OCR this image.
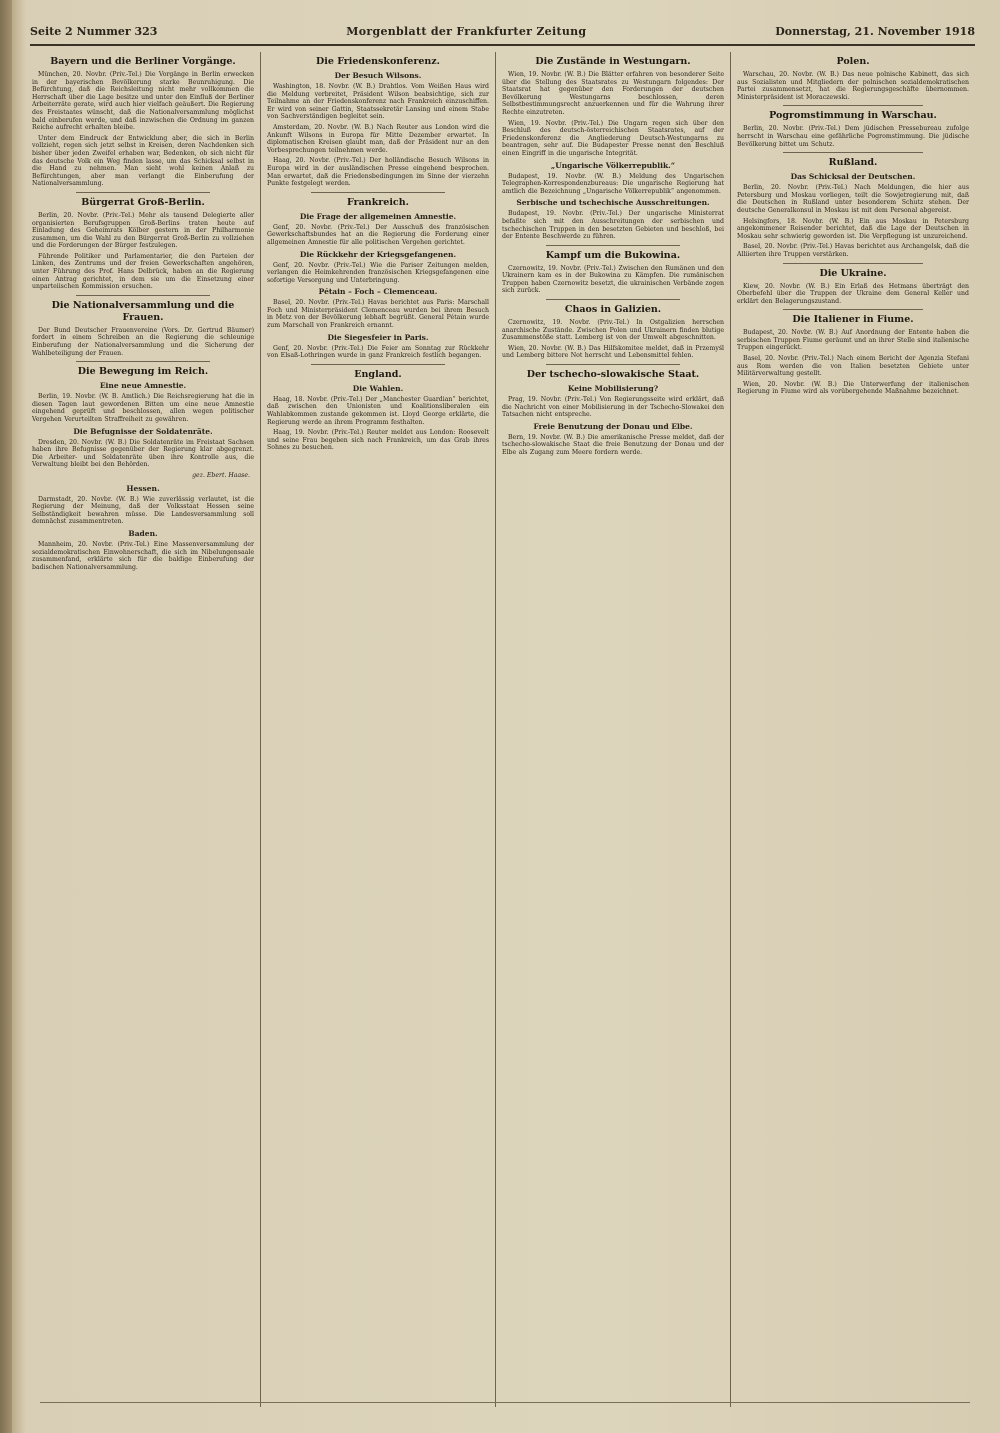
Seite 2 Nummer 323	Morgenblatt der Frankfurter Zeitung	Donnerstag, 21. November 1918
Bayern und die Berliner Vorgänge.
München, 20. Novbr. (Priv.-Tel.) Die Vorgänge in Berlin erwecken in der bayerischen Bevölkerung starke Beunruhigung. Die Befürchtung, daß die Reichsleitung nicht mehr vollkommen die Herrschaft über die Lage besitze und unter den Einfluß der Berliner Arbeiterräte gerate, wird auch hier vielfach geäußert. Die Regierung des Freistaates wünscht, daß die Nationalversammlung möglichst bald einberufen werde, und daß inzwischen die Ordnung im ganzen Reiche aufrecht erhalten bleibe.
Unter dem Eindruck der Entwicklung aber, die sich in Berlin vollzieht, regen sich jetzt selbst in Kreisen, deren Nachdenken sich bisher über jeden Zweifel erhaben war, Bedenken, ob sich nicht für das deutsche Volk ein Weg finden lasse, um das Schicksal selbst in die Hand zu nehmen. Man sieht wohl keinen Anlaß zu Befürchtungen, aber man verlangt die Einberufung der Nationalversammlung.
Bürgerrat Groß-Berlin.
Berlin, 20. Novbr. (Priv.-Tel.) Mehr als tausend Delegierte aller organisierten Berufsgruppen Groß-Berlins traten heute auf Einladung des Geheimrats Kölber gestern in der Philharmonie zusammen, um die Wahl zu den Bürgerrat Groß-Berlin zu vollziehen und die Forderungen der Bürger festzulegen.
Führende Politiker und Parlamentarier, die den Parteien der Linken, des Zentrums und der freien Gewerkschaften angehören, unter Führung des Prof. Hans Delbrück, haben an die Regierung einen Antrag gerichtet, in dem sie um die Einsetzung einer unparteiischen Kommission ersuchen.
Die Nationalversammlung und die Frauen.
Der Bund Deutscher Frauenvereine (Vors. Dr. Gertrud Bäumer) fordert in einem Schreiben an die Regierung die schleunige Einberufung der Nationalversammlung und die Sicherung der Wahlbeteiligung der Frauen.
Die Bewegung im Reich.
Eine neue Amnestie.
Berlin, 19. Novbr. (W. B. Amtlich.) Die Reichsregierung hat die in diesen Tagen laut gewordenen Bitten um eine neue Amnestie eingehend geprüft und beschlossen, allen wegen politischer Vergehen Verurteilten Straffreiheit zu gewähren.
Die Befugnisse der Soldatenräte.
Dresden, 20. Novbr. (W. B.) Die Soldatenräte im Freistaat Sachsen haben ihre Befugnisse gegenüber der Regierung klar abgegrenzt. Die Arbeiter- und Soldatenräte üben ihre Kontrolle aus, die Verwaltung bleibt bei den Behörden.
gez. Ebert. Haase.
Hessen.
Darmstadt, 20. Novbr. (W. B.) Wie zuverlässig verlautet, ist die Regierung der Meinung, daß der Volksstaat Hessen seine Selbständigkeit bewahren müsse. Die Landesversammlung soll demnächst zusammentreten.
Baden.
Mannheim, 20. Novbr. (Priv.-Tel.) Eine Massenversammlung der sozialdemokratischen Einwohnerschaft, die sich im Nibelungensaale zusammenfand, erklärte sich für die baldige Einberufung der badischen Nationalversammlung.
Die Friedenskonferenz.
Der Besuch Wilsons.
Washington, 18. Novbr. (W. B.) Drahtlos. Vom Weißen Haus wird die Meldung verbreitet, Präsident Wilson beabsichtige, sich zur Teilnahme an der Friedenskonferenz nach Frankreich einzuschiffen. Er wird von seiner Gattin, Staatssekretär Lansing und einem Stabe von Sachverständigen begleitet sein.
Amsterdam, 20. Novbr. (W. B.) Nach Reuter aus London wird die Ankunft Wilsons in Europa für Mitte Dezember erwartet. In diplomatischen Kreisen glaubt man, daß der Präsident nur an den Vorbesprechungen teilnehmen werde.
Haag, 20. Novbr. (Priv.-Tel.) Der holländische Besuch Wilsons in Europa wird in der ausländischen Presse eingehend besprochen. Man erwartet, daß die Friedensbedingungen im Sinne der vierzehn Punkte festgelegt werden.
Frankreich.
Die Frage der allgemeinen Amnestie.
Genf, 20. Novbr. (Priv.-Tel.) Der Ausschuß des französischen Gewerkschaftsbundes hat an die Regierung die Forderung einer allgemeinen Amnestie für alle politischen Vergehen gerichtet.
Die Rückkehr der Kriegsgefangenen.
Genf, 20. Novbr. (Priv.-Tel.) Wie die Pariser Zeitungen melden, verlangen die Heimkehrenden französischen Kriegsgefangenen eine sofortige Versorgung und Unterbringung.
Pétain – Foch – Clemenceau.
Basel, 20. Novbr. (Priv.-Tel.) Havas berichtet aus Paris: Marschall Foch und Ministerpräsident Clemenceau wurden bei ihrem Besuch in Metz von der Bevölkerung lebhaft begrüßt. General Pétain wurde zum Marschall von Frankreich ernannt.
Die Siegesfeier in Paris.
Genf, 20. Novbr. (Priv.-Tel.) Die Feier am Sonntag zur Rückkehr von Elsaß-Lothringen wurde in ganz Frankreich festlich begangen.
England.
Die Wahlen.
Haag, 18. Novbr. (Priv.-Tel.) Der „Manchester Guardian“ berichtet, daß zwischen den Unionisten und Koalitionsliberalen ein Wahlabkommen zustande gekommen ist. Lloyd George erklärte, die Regierung werde an ihrem Programm festhalten.
Haag, 19. Novbr. (Priv.-Tel.) Reuter meldet aus London: Roosevelt und seine Frau begeben sich nach Frankreich, um das Grab ihres Sohnes zu besuchen.
Die Zustände in Westungarn.
Wien, 19. Novbr. (W. B.) Die Blätter erfahren von besonderer Seite über die Stellung des Staatsrates zu Westungarn folgendes: Der Staatsrat hat gegenüber den Forderungen der deutschen Bevölkerung Westungarns beschlossen, deren Selbstbestimmungsrecht anzuerkennen und für die Wahrung ihrer Rechte einzutreten.
Wien, 19. Novbr. (Priv.-Tel.) Die Ungarn regen sich über den Beschluß des deutsch-österreichischen Staatsrates, auf der Friedenskonferenz die Angliederung Deutsch-Westungarns zu beantragen, sehr auf. Die Budapester Presse nennt den Beschluß einen Eingriff in die ungarische Integrität.
„Ungarische Völkerrepublik.“
Budapest, 19. Novbr. (W. B.) Meldung des Ungarischen Telegraphen-Korrespondenzbureaus: Die ungarische Regierung hat amtlich die Bezeichnung „Ungarische Völkerrepublik“ angenommen.
Serbische und tschechische Ausschreitungen.
Budapest, 19. Novbr. (Priv.-Tel.) Der ungarische Ministerrat befaßte sich mit den Ausschreitungen der serbischen und tschechischen Truppen in den besetzten Gebieten und beschloß, bei der Entente Beschwerde zu führen.
Kampf um die Bukowina.
Czernowitz, 19. Novbr. (Priv.-Tel.) Zwischen den Rumänen und den Ukrainern kam es in der Bukowina zu Kämpfen. Die rumänischen Truppen haben Czernowitz besetzt, die ukrainischen Verbände zogen sich zurück.
Chaos in Galizien.
Czernowitz, 19. Novbr. (Priv.-Tel.) In Ostgalizien herrschen anarchische Zustände. Zwischen Polen und Ukrainern finden blutige Zusammenstöße statt. Lemberg ist von der Umwelt abgeschnitten.
Wien, 20. Novbr. (W. B.) Das Hilfskomitee meldet, daß in Przemyśl und Lemberg bittere Not herrscht und Lebensmittel fehlen.
Der tschecho-slowakische Staat.
Keine Mobilisierung?
Prag, 19. Novbr. (Priv.-Tel.) Von Regierungsseite wird erklärt, daß die Nachricht von einer Mobilisierung in der Tschecho-Slowakei den Tatsachen nicht entspreche.
Freie Benutzung der Donau und Elbe.
Bern, 19. Novbr. (W. B.) Die amerikanische Presse meldet, daß der tschecho-slowakische Staat die freie Benutzung der Donau und der Elbe als Zugang zum Meere fordern werde.
Polen.
Warschau, 20. Novbr. (W. B.) Das neue polnische Kabinett, das sich aus Sozialisten und Mitgliedern der polnischen sozialdemokratischen Partei zusammensetzt, hat die Regierungsgeschäfte übernommen. Ministerpräsident ist Moraczewski.
Pogromstimmung in Warschau.
Berlin, 20. Novbr. (Priv.-Tel.) Dem jüdischen Pressebureau zufolge herrscht in Warschau eine gefährliche Pogromstimmung. Die jüdische Bevölkerung bittet um Schutz.
Rußland.
Das Schicksal der Deutschen.
Berlin, 20. Novbr. (Priv.-Tel.) Nach Meldungen, die hier aus Petersburg und Moskau vorliegen, teilt die Sowjetregierung mit, daß die Deutschen in Rußland unter besonderem Schutz stehen. Der deutsche Generalkonsul in Moskau ist mit dem Personal abgereist.
Helsingfors, 18. Novbr. (W. B.) Ein aus Moskau in Petersburg angekommener Reisender berichtet, daß die Lage der Deutschen in Moskau sehr schwierig geworden ist. Die Verpflegung ist unzureichend.
Basel, 20. Novbr. (Priv.-Tel.) Havas berichtet aus Archangelsk, daß die Alliierten ihre Truppen verstärken.
Die Ukraine.
Kiew, 20. Novbr. (W. B.) Ein Erlaß des Hetmans überträgt den Oberbefehl über die Truppen der Ukraine dem General Keller und erklärt den Belagerungszustand.
Die Italiener in Fiume.
Budapest, 20. Novbr. (W. B.) Auf Anordnung der Entente haben die serbischen Truppen Fiume geräumt und an ihrer Stelle sind italienische Truppen eingerückt.
Basel, 20. Novbr. (Priv.-Tel.) Nach einem Bericht der Agenzia Stefani aus Rom werden die von Italien besetzten Gebiete unter Militärverwaltung gestellt.
Wien, 20. Novbr. (W. B.) Die Unterwerfung der italienischen Regierung in Fiume wird als vorübergehende Maßnahme bezeichnet.
